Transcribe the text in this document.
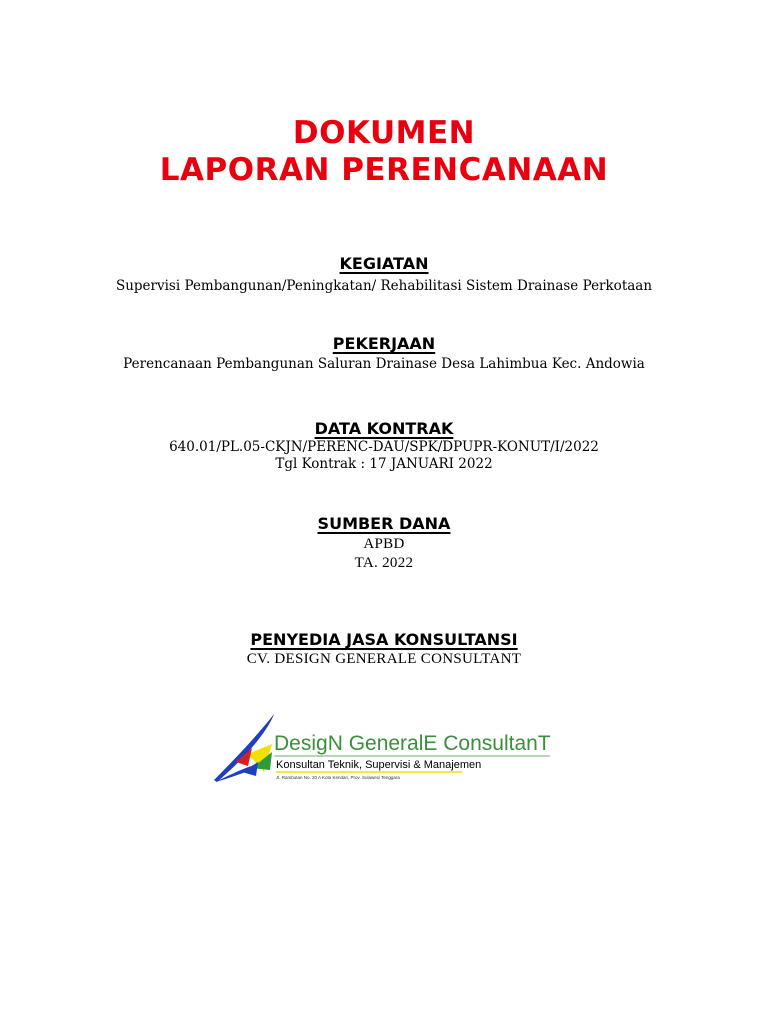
DOKUMEN
LAPORAN PERENCANAAN
KEGIATAN
Supervisi Pembangunan/Peningkatan/ Rehabilitasi Sistem Drainase Perkotaan
PEKERJAAN
Perencanaan Pembangunan Saluran Drainase Desa Lahimbua Kec. Andowia
DATA KONTRAK
640.01/PL.05-CKJN/PERENC-DAU/SPK/DPUPR-KONUT/I/2022
Tgl Kontrak : 17 JANUARI 2022
SUMBER DANA
APBD
TA. 2022
PENYEDIA JASA KONSULTANSI
CV. DESIGN GENERALE CONSULTANT
DesigN GeneralE ConsultanT
Konsultan Teknik, Supervisi & Manajemen
Jl. Rambutan No. 20 A Kota Kendari, Prov. Sulawesi Tenggara
